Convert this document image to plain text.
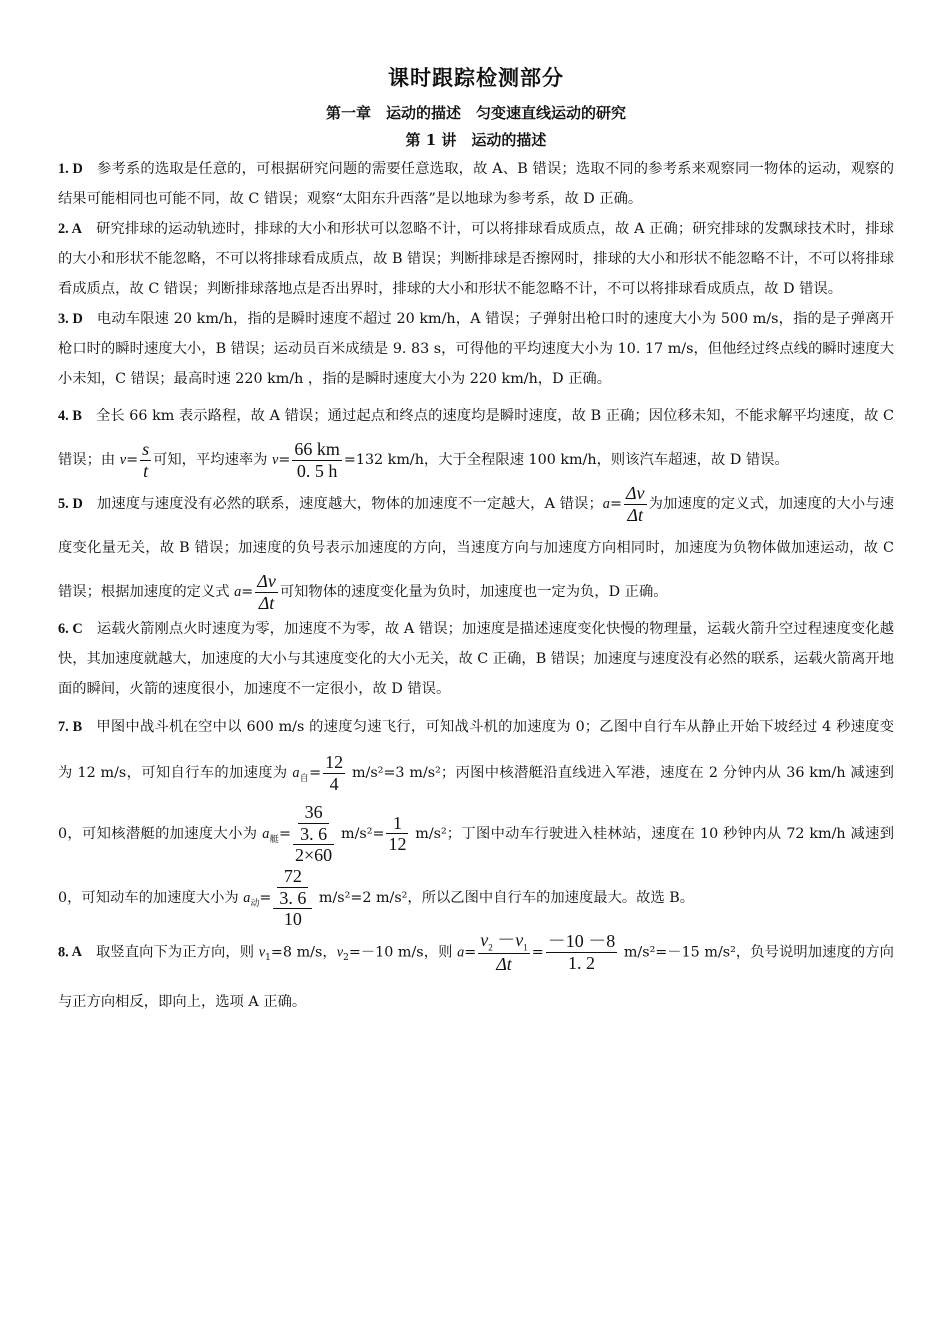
课时跟踪检测部分
第一章　运动的描述　匀变速直线运动的研究
第 1 讲　运动的描述

1. D 参考系的选取是任意的，可根据研究问题的需要任意选取，故 A、B 错误；选取不同的参考系来观察同一物体的运动，观察的结果可能相同也可能不同，故 C 错误；观察“太阳东升西落”是以地球为参考系，故 D 正确。

2. A 研究排球的运动轨迹时，排球的大小和形状可以忽略不计，可以将排球看成质点，故 A 正确；研究排球的发飘球技术时，排球的大小和形状不能忽略，不可以将排球看成质点，故 B 错误；判断排球是否擦网时，排球的大小和形状不能忽略不计，不可以将排球看成质点，故 C 错误；判断排球落地点是否出界时，排球的大小和形状不能忽略不计，不可以将排球看成质点，故 D 错误。

3. D 电动车限速 20 km/h，指的是瞬时速度不超过 20 km/h，A 错误；子弹射出枪口时的速度大小为 500 m/s，指的是子弹离开枪口时的瞬时速度大小，B 错误；运动员百米成绩是 9. 83 s，可得他的平均速度大小为 10. 17 m/s，但他经过终点线的瞬时速度大小未知，C 错误；最高时速 220 km/h ，指的是瞬时速度大小为 220 km/h，D 正确。

4. B 全长 66 km 表示路程，故 A 错误；通过起点和终点的速度均是瞬时速度，故 B 正确；因位移未知，不能求解平均速度，故 C 错误；由 $v= \frac{s}{t}$ 可知，平均速率为 $v= \frac{66 km}{0. 5 h} =132$ km/h，大于全程限速 100 km/h，则该汽车超速，故 D 错误。

5. D 加速度与速度没有必然的联系，速度越大，物体的加速度不一定越大，A 错误；$a= \frac{\Delta v}{\Delta t}$ 为加速度的定义式，加速度的大小与速度变化量无关，故 B 错误；加速度的负号表示加速度的方向，当速度方向与加速度方向相同时，加速度为负物体做加速运动，故 C 错误；根据加速度的定义式 $a= \frac{\Delta v}{\Delta t}$ 可知物体的速度变化量为负时，加速度也一定为负，D 正确。

6. C 运载火箭刚点火时速度为零，加速度不为零，故 A 错误；加速度是描述速度变化快慢的物理量，运载火箭升空过程速度变化越快，其加速度就越大，加速度的大小与其速度变化的大小无关，故 C 正确，B 错误；加速度与速度没有必然的联系，运载火箭离开地面的瞬间，火箭的速度很小，加速度不一定很小，故 D 错误。

7. B 甲图中战斗机在空中以 600 m/s 的速度匀速飞行，可知战斗机的加速度为 0；乙图中自行车从静止开始下坡经过 4 秒速度变为 12 m/s，可知自行车的加速度为 $a_自= \frac{12}{4} m/s^2=3$ m/s²；丙图中核潜艇沿直线进入军港，速度在 2 分钟内从 36 km/h 减速到 0，可知核潜艇的加速度大小为 $a_艇= \frac{\frac{36}{3. 6}}{2\times 60} m/s^2= \frac{1}{12} m/s^2$；丁图中动车行驶进入桂林站，速度在 10 秒钟内从 72 km/h 减速到 0，可知动车的加速度大小为 $a_动= \frac{\frac{72}{3. 6}}{10} m/s^2=2$ m/s²，所以乙图中自行车的加速度最大。故选 B。

8. A 取竖直向下为正方向，则 $v_1=8$ m/s，$v_2=-10$ m/s，则 $a= \frac{v_2 -v_1}{\Delta t} = \frac{-10 -8}{1. 2} m/s^2=-15$ m/s²，负号说明加速度的方向与正方向相反，即向上，选项 A 正确。
